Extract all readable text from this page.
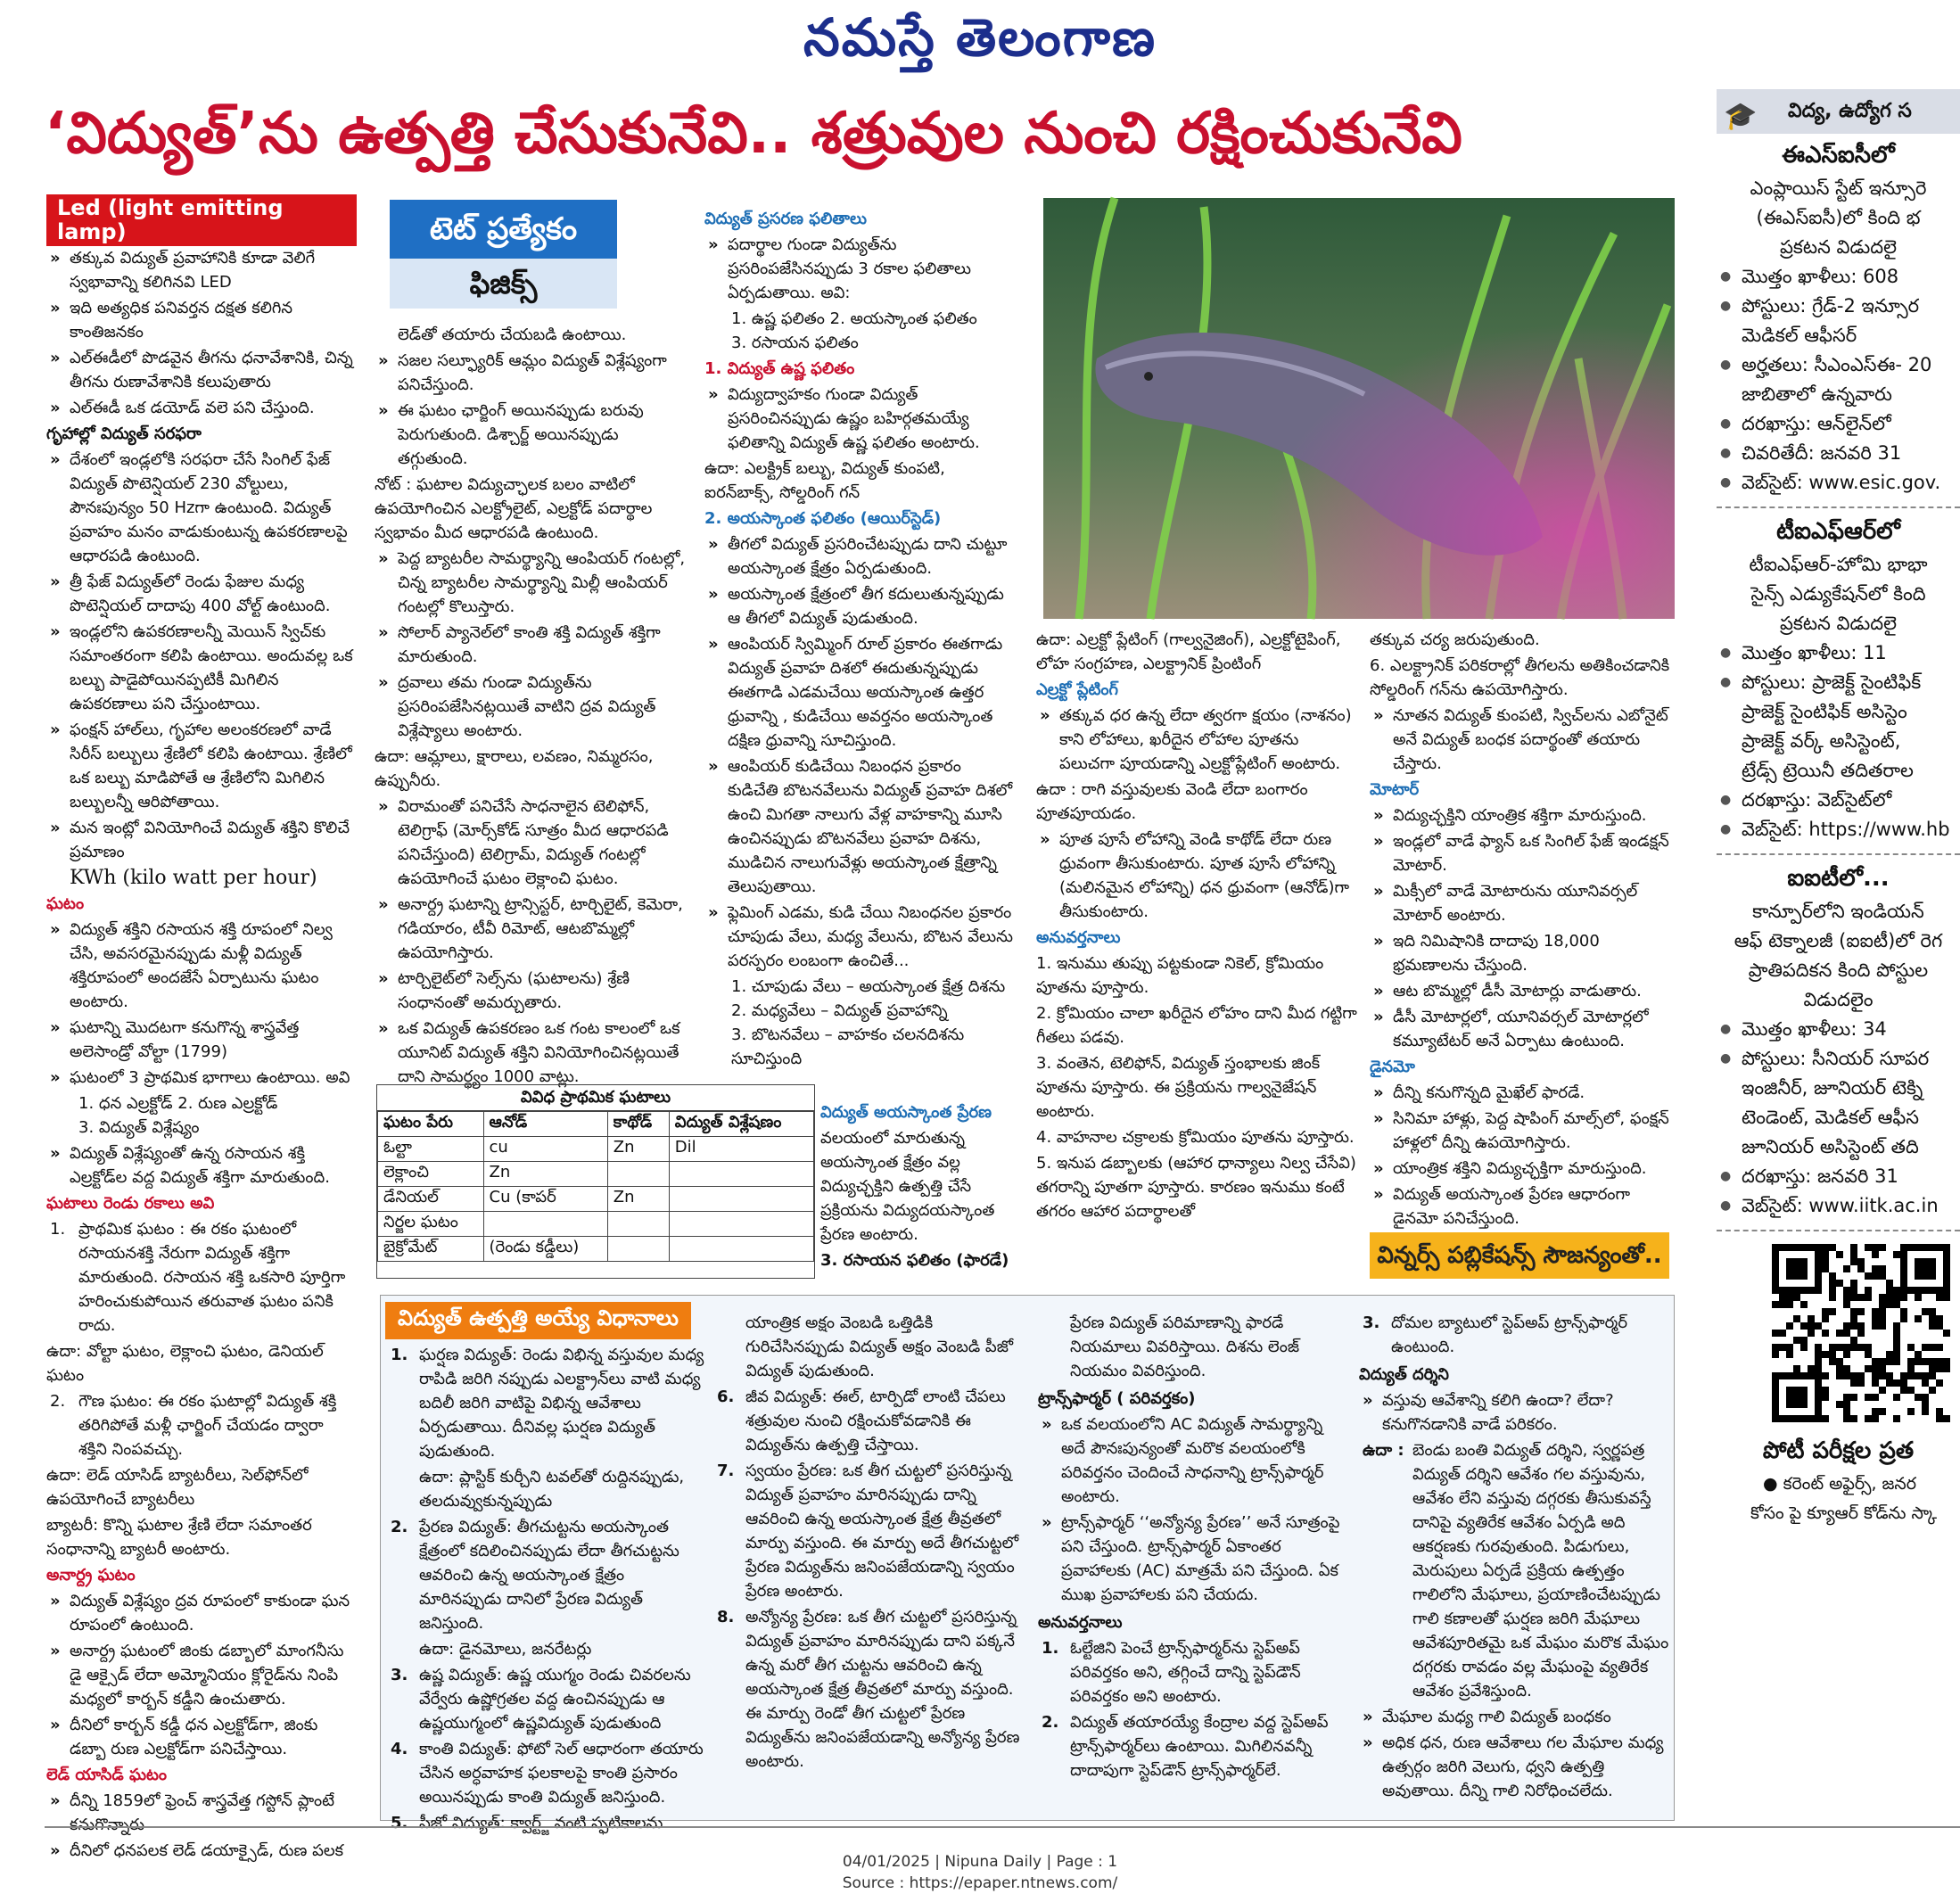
నమస్తే తెలంగాణ
‘విద్యుత్’ను ఉత్పత్తి చేసుకునేవి.. శత్రువుల నుంచి రక్షించుకునేవి
Led (light emitting lamp)

» తక్కువ విద్యుత్ ప్రవాహానికి కూడా వెలిగే స్వభావాన్ని కలిగినవి LED

» ఇది అత్యధిక పనివర్తన దక్షత కలిగిన కాంతిజనకం

» ఎల్ఈడీలో పొడవైన తీగను ధనావేశానికి, చిన్న తీగను రుణావేశానికి కలుపుతారు

» ఎల్ఈడీ ఒక డయోడ్ వలె పని చేస్తుంది.

గృహాల్లో విద్యుత్ సరఫరా

» దేశంలో ఇండ్లలోకి సరఫరా చేసే సింగిల్ ఫేజ్ విద్యుత్ పొటెన్షియల్ 230 వోల్టులు, పౌనఃపున్యం 50 Hzగా ఉంటుంది. విద్యుత్ ప్రవాహం మనం వాడుకుంటున్న ఉపకరణాలపై ఆధారపడి ఉంటుంది.

» త్రీ ఫేజ్ విద్యుత్‌లో రెండు ఫేజుల మధ్య పొటెన్షియల్ దాదాపు 400 వోల్ట్ ఉంటుంది.

» ఇండ్లలోని ఉపకరణాలన్నీ మెయిన్ స్విచ్‌కు సమాంతరంగా కలిపి ఉంటాయి. అందువల్ల ఒక బల్బు పాడైపోయినప్పటికీ మిగిలిన ఉపకరణాలు పని చేస్తుంటాయి.

» ఫంక్షన్ హాల్‌లు, గృహాల అలంకరణలో వాడే సిరీస్ బల్బులు శ్రేణిలో కలిపి ఉంటాయి. శ్రేణిలో ఒక బల్బు మాడిపోతే ఆ శ్రేణిలోని మిగిలిన బల్బులన్నీ ఆరిపోతాయి.

» మన ఇంట్లో వినియోగించే విద్యుత్ శక్తిని కొలిచే ప్రమాణం

KWh (kilo watt per hour)

ఘటం

» విద్యుత్ శక్తిని రసాయన శక్తి రూపంలో నిల్వ చేసి, అవసరమైనప్పుడు మళ్లీ విద్యుత్ శక్తిరూపంలో అందజేసే ఏర్పాటును ఘటం అంటారు.

» ఘటాన్ని మొదటగా కనుగొన్న శాస్త్రవేత్త అలెసాండ్రో వోల్టా (1799)

» ఘటంలో 3 ప్రాథమిక భాగాలు ఉంటాయి. అవి

1. ధన ఎల్రక్టోడ్ 2. రుణ ఎల్రక్టోడ్

3. విద్యుత్ విశ్లేష్యం

» విద్యుత్ విశ్లేష్యంతో ఉన్న రసాయన శక్తి ఎల్రక్టోడ్‌ల వద్ద విద్యుత్ శక్తిగా మారుతుంది.

ఘటాలు రెండు రకాలు అవి

1. ప్రాథమిక ఘటం : ఈ రకం ఘటంలో రసాయనశక్తి నేరుగా విద్యుత్ శక్తిగా మారుతుంది. రసాయన శక్తి ఒకసారి పూర్తిగా హరించుకుపోయిన తరువాత ఘటం పనికి రాదు.

ఉదా: వోల్టా ఘటం, లెక్లాంచి ఘటం, డెనియల్ ఘటం

2. గౌణ ఘటం: ఈ రకం ఘటాల్లో విద్యుత్ శక్తి తరిగిపోతే మళ్లీ ఛార్జింగ్ చేయడం ద్వారా శక్తిని నింపవచ్చు.

ఉదా: లెడ్ యాసిడ్ బ్యాటరీలు, సెల్‌ఫోన్‌లో ఉపయోగించే బ్యాటరీలు

బ్యాటరీ: కొన్ని ఘటాల శ్రేణి లేదా సమాంతర సంధానాన్ని బ్యాటరీ అంటారు.

అనార్ద్ర ఘటం

» విద్యుత్ విశ్లేష్యం ద్రవ రూపంలో కాకుండా ఘన రూపంలో ఉంటుంది.

» అనార్ద్ర ఘటంలో జింకు డబ్బాలో మాంగనీసు డై ఆక్సైడ్ లేదా అమ్మోనియం క్లోరైడ్‌ను నింపి మధ్యలో కార్బన్ కడ్డీని ఉంచుతారు.

» దీనిలో కార్బన్ కడ్డీ ధన ఎల్రక్టోడ్‌గా, జింకు డబ్బా రుణ ఎల్రక్టోడ్‌గా పనిచేస్తాయి.

లెడ్ యాసిడ్ ఘటం

» దీన్ని 1859లో ఫ్రెంచ్ శాస్త్రవేత్త గస్టోన్ ప్లాంటే కనుగొన్నారు

» దీనిలో ధనపలక లెడ్ డయాక్సైడ్, రుణ పలక

టెట్ ప్రత్యేకం
ఫిజిక్స్

లెడ్‌తో తయారు చేయబడి ఉంటాయి.

» సజల సల్ఫ్యూరిక్ ఆమ్లం విద్యుత్ విశ్లేష్యంగా పనిచేస్తుంది.

» ఈ ఘటం ఛార్జింగ్ అయినప్పుడు బరువు పెరుగుతుంది. డిశ్చార్జ్ అయినప్పుడు తగ్గుతుంది.

నోట్ : ఘటాల విద్యుచ్ఛాలక బలం వాటిలో ఉపయోగించిన ఎలక్ట్రోలైట్, ఎల్రక్టోడ్ పదార్థాల స్వభావం మీద ఆధారపడి ఉంటుంది.

» పెద్ద బ్యాటరీల సామర్థ్యాన్ని ఆంపియర్ గంటల్లో, చిన్న బ్యాటరీల సామర్థ్యాన్ని మిల్లీ ఆంపియర్ గంటల్లో కొలుస్తారు.

» సోలార్ ప్యానెల్‌లో కాంతి శక్తి విద్యుత్ శక్తిగా మారుతుంది.

» ద్రవాలు తమ గుండా విద్యుత్‌ను ప్రసరింపజేసినట్లయితే వాటిని ద్రవ విద్యుత్ విశ్లేష్యాలు అంటారు.

ఉదా: ఆమ్లాలు, క్షారాలు, లవణం, నిమ్మరసం, ఉప్పునీరు.

» విరామంతో పనిచేసే సాధనాలైన టెలిఫోన్, టెలిగ్రాఫ్ (మోర్స్‌కోడ్ సూత్రం మీద ఆధారపడి పనిచేస్తుంది) టెలిగ్రామ్, విద్యుత్ గంటల్లో ఉపయోగించే ఘటం లెక్లాంచి ఘటం.

» అనార్ద్ర ఘటాన్ని ట్రాన్సిస్టర్, టార్చిలైట్, కెమెరా, గడియారం, టీవీ రిమోట్, ఆటబొమ్మల్లో ఉపయోగిస్తారు.

» టార్చిలైట్‌లో సెల్స్‌ను (ఘటాలను) శ్రేణి సంధానంతో అమర్చుతారు.

» ఒక విద్యుత్ ఉపకరణం ఒక గంట కాలంలో ఒక యూనిట్ విద్యుత్ శక్తిని వినియోగించినట్లయితే దాని సామర్థ్యం 1000 వాట్లు.

వివిధ ప్రాథమిక ఘటాలు
ఘటం పేరు	ఆనోడ్	కాథోడ్	విద్యుత్ విశ్లేషణం
ఓల్టా	cu	Zn	Dil
లెక్లాంచి	Zn		
డేనియల్	Cu (కాపర్	Zn	
నిర్జల ఘటం			
బైక్రోమేట్	(రెండు కడ్డీలు)		

విద్యుత్ ప్రసరణ ఫలితాలు

» పదార్థాల గుండా విద్యుత్‌ను ప్రసరింపజేసినప్పుడు 3 రకాల ఫలితాలు ఏర్పడుతాయి. అవి:

1. ఉష్ణ ఫలితం 2. అయస్కాంత ఫలితం

3. రసాయన ఫలితం

1. విద్యుత్ ఉష్ణ ఫలితం

» విద్యుద్వాహకం గుండా విద్యుత్ ప్రసరించినప్పుడు ఉష్ణం బహిర్గతమయ్యే ఫలితాన్ని విద్యుత్ ఉష్ణ ఫలితం అంటారు.

ఉదా: ఎలక్ట్రిక్ బల్బు, విద్యుత్ కుంపటి, ఐరన్‌బాక్స్, సోల్డరింగ్ గన్

2. అయస్కాంత ఫలితం (ఆయిర్‌స్టెడ్)

» తీగలో విద్యుత్ ప్రసరించేటప్పుడు దాని చుట్టూ అయస్కాంత క్షేత్రం ఏర్పడుతుంది.

» అయస్కాంత క్షేత్రంలో తీగ కదులుతున్నప్పుడు ఆ తీగలో విద్యుత్ పుడుతుంది.

» ఆంపియర్ స్విమ్మింగ్ రూల్ ప్రకారం ఈతగాడు విద్యుత్ ప్రవాహ దిశలో ఈదుతున్నప్పుడు ఈతగాడి ఎడమచేయి అయస్కాంత ఉత్తర ధ్రువాన్ని , కుడిచేయి అవర్తనం అయస్కాంత దక్షిణ ధ్రువాన్ని సూచిస్తుంది.

» ఆంపియర్ కుడిచేయి నిబంధన ప్రకారం కుడిచేతి బొటనవేలును విద్యుత్ ప్రవాహ దిశలో ఉంచి మిగతా నాలుగు వేళ్ల వాహకాన్ని మూసి ఉంచినప్పుడు బొటనవేలు ప్రవాహ దిశను, ముడిచిన నాలుగువేళ్లు అయస్కాంత క్షేత్రాన్ని తెలుపుతాయి.

» ఫ్లెమింగ్ ఎడమ, కుడి చేయి నిబంధనల ప్రకారం చూపుడు వేలు, మధ్య వేలును, బొటన వేలును పరస్పరం లంబంగా ఉంచితే...

1. చూపుడు వేలు – అయస్కాంత క్షేత్ర దిశను

2. మధ్యవేలు – విద్యుత్ ప్రవాహాన్ని

3. బొటనవేలు – వాహకం చలనదిశను సూచిస్తుంది

విద్యుత్ అయస్కాంత ప్రేరణ

వలయంలో మారుతున్న అయస్కాంత క్షేత్రం వల్ల విద్యుచ్ఛక్తిని ఉత్పత్తి చేసే ప్రక్రియను విద్యుదయస్కాంత ప్రేరణ అంటారు.

3. రసాయన ఫలితం (ఫారడే)

ఉదా: ఎల్రక్టో ప్లేటింగ్ (గాల్వనైజింగ్), ఎల్రక్టోటైపింగ్, లోహ సంగ్రహణ, ఎలక్ట్రానిక్ ప్రింటింగ్

ఎల్రక్టో ప్లేటింగ్

» తక్కువ ధర ఉన్న లేదా త్వరగా క్షయం (నాశనం) కాని లోహాలు, ఖరీదైన లోహాల పూతను పలుచగా పూయడాన్ని ఎల్రక్టోప్లేటింగ్ అంటారు.

ఉదా : రాగి వస్తువులకు వెండి లేదా బంగారం పూతపూయడం.

» పూత పూసే లోహాన్ని వెండి కాథోడ్ లేదా రుణ ధ్రువంగా తీసుకుంటారు. పూత పూసే లోహాన్ని (మలినమైన లోహాన్ని) ధన ధ్రువంగా (ఆనోడ్‌)గా తీసుకుంటారు.

అనువర్తనాలు

1. ఇనుము తుప్పు పట్టకుండా నికెల్, క్రోమియం పూతను పూస్తారు.

2. క్రోమియం చాలా ఖరీదైన లోహం దాని మీద గట్టిగా గీతలు పడవు.

3. వంతెన, టెలిఫోన్, విద్యుత్ స్తంభాలకు జింక్ పూతను పూస్తారు. ఈ ప్రక్రియను గాల్వనైజేషన్ అంటారు.

4. వాహనాల చక్రాలకు క్రోమియం పూతను పూస్తారు.

5. ఇనుప డబ్బాలకు (ఆహార ధాన్యాలు నిల్వ చేసేవి) తగరాన్ని పూతగా పూస్తారు. కారణం ఇనుము కంటే తగరం ఆహార పదార్థాలతో

తక్కువ చర్య జరుపుతుంది.

6. ఎలక్ట్రానిక్ పరికరాల్లో తీగలను అతికించడానికి సోల్డరింగ్ గన్‌ను ఉపయోగిస్తారు.

» నూతన విద్యుత్ కుంపటి, స్విచ్‌లను ఎబోనైట్ అనే విద్యుత్ బంధక పదార్థంతో తయారు చేస్తారు.

మోటార్

» విద్యుచ్ఛక్తిని యాంత్రిక శక్తిగా మారుస్తుంది.

» ఇండ్లలో వాడే ఫ్యాన్ ఒక సింగిల్ ఫేజ్ ఇండక్షన్ మోటార్.

» మిక్సీలో వాడే మోటారును యూనివర్సల్ మోటార్ అంటారు.

» ఇది నిమిషానికి దాదాపు 18,000 భ్రమణాలను చేస్తుంది.

» ఆట బొమ్మల్లో డీసీ మోటార్లు వాడుతారు.

» డీసీ మోటార్లలో, యూనివర్సల్ మోటార్లలో కమ్యూటేటర్ అనే ఏర్పాటు ఉంటుంది.

డైనమో

» దీన్ని కనుగొన్నది మైఖేల్ ఫారడే.

» సినిమా హాళ్లు, పెద్ద షాపింగ్ మాల్స్‌లో, ఫంక్షన్ హాళ్లలో దీన్ని ఉపయోగిస్తారు.

» యాంత్రిక శక్తిని విద్యుచ్ఛక్తిగా మారుస్తుంది.

» విద్యుత్ అయస్కాంత ప్రేరణ ఆధారంగా డైనమో పనిచేస్తుంది.

విన్నర్స్ పబ్లికేషన్స్ సౌజన్యంతో..
విద్యుత్ ఉత్పత్తి అయ్యే విధానాలు

1. ఘర్షణ విద్యుత్: రెండు విభిన్న వస్తువుల మధ్య రాపిడి జరిగి నప్పుడు ఎలక్ట్రాన్‌లు వాటి మధ్య బదిలీ జరిగి వాటిపై విభిన్న ఆవేశాలు ఏర్పడుతాయి. దీనివల్ల ఘర్షణ విద్యుత్ పుడుతుంది.

ఉదా: ప్లాస్టిక్ కుర్చీని టవల్‌తో రుద్దినప్పుడు, తలదువ్వుకున్నప్పుడు

2. ప్రేరణ విద్యుత్: తీగచుట్టను అయస్కాంత క్షేత్రంలో కదిలించినప్పుడు లేదా తీగచుట్టను ఆవరించి ఉన్న అయస్కాంత క్షేత్రం మారినప్పుడు దానిలో ప్రేరణ విద్యుత్ జనిస్తుంది.

ఉదా: డైనమోలు, జనరేటర్లు

3. ఉష్ణ విద్యుత్: ఉష్ణ యుగ్మం రెండు చివరలను వేర్వేరు ఉష్ణోగ్రతల వద్ద ఉంచినప్పుడు ఆ ఉష్ణయుగ్మంలో ఉష్ణవిద్యుత్ పుడుతుంది

4. కాంతి విద్యుత్: ఫోటో సెల్ ఆధారంగా తయారు చేసిన అర్ధవాహక ఫలకాలపై కాంతి ప్రసారం అయినప్పుడు కాంతి విద్యుత్ జనిస్తుంది.

5. పీజో విద్యుత్: క్వార్ట్జ్ వంటి స్ఫటికాలను

యాంత్రిక అక్షం వెంబడి ఒత్తిడికి గురిచేసినప్పుడు విద్యుత్ అక్షం వెంబడి పీజో విద్యుత్ పుడుతుంది.

6. జీవ విద్యుత్: ఈల్, టార్పిడో లాంటి చేపలు శత్రువుల నుంచి రక్షించుకోవడానికి ఈ విద్యుత్‌ను ఉత్పత్తి చేస్తాయి.

7. స్వయం ప్రేరణ: ఒక తీగ చుట్టలో ప్రసరిస్తున్న విద్యుత్ ప్రవాహం మారినప్పుడు దాన్ని ఆవరించి ఉన్న అయస్కాంత క్షేత్ర తీవ్రతలో మార్పు వస్తుంది. ఈ మార్పు అదే తీగచుట్టలో ప్రేరణ విద్యుత్‌ను జనింపజేయడాన్ని స్వయం ప్రేరణ అంటారు.

8. అన్యోన్య ప్రేరణ: ఒక తీగ చుట్టలో ప్రసరిస్తున్న విద్యుత్ ప్రవాహం మారినప్పుడు దాని పక్కనే ఉన్న మరో తీగ చుట్టను ఆవరించి ఉన్న అయస్కాంత క్షేత్ర తీవ్రతలో మార్పు వస్తుంది. ఈ మార్పు రెండో తీగ చుట్టలో ప్రేరణ విద్యుత్‌ను జనింపజేయడాన్ని అన్యోన్య ప్రేరణ అంటారు.

ప్రేరణ విద్యుత్ పరిమాణాన్ని ఫారడే నియమాలు వివరిస్తాయి. దిశను లెంజ్ నియమం వివరిస్తుంది.

ట్రాన్స్‌ఫార్మర్ ( పరివర్తకం)

» ఒక వలయంలోని AC విద్యుత్ సామర్థ్యాన్ని అదే పౌనఃపున్యంతో మరొక వలయంలోకి పరివర్తనం చెందించే సాధనాన్ని ట్రాన్స్‌ఫార్మర్ అంటారు.

» ట్రాన్స్‌ఫార్మర్ ‘‘అన్యోన్య ప్రేరణ’’ అనే సూత్రంపై పని చేస్తుంది. ట్రాన్స్‌ఫార్మర్ ఏకాంతర ప్రవాహాలకు (AC) మాత్రమే పని చేస్తుంది. ఏక ముఖ ప్రవాహాలకు పని చేయదు.

అనువర్తనాలు

1. ఓల్టేజిని పెంచే ట్రాన్స్‌ఫార్మర్‌ను స్టెప్‌అప్ పరివర్తకం అని, తగ్గించే దాన్ని స్టెప్‌డౌన్ పరివర్తకం అని అంటారు.

2. విద్యుత్ తయారయ్యే కేంద్రాల వద్ద స్టెప్‌అప్ ట్రాన్స్‌ఫార్మర్‌లు ఉంటాయి. మిగిలినవన్నీ దాదాపుగా స్టెప్‌డౌన్ ట్రాన్స్‌ఫార్మర్‌లే.

3. దోమల బ్యాటులో స్టెప్‌అప్ ట్రాన్స్‌ఫార్మర్ ఉంటుంది.

విద్యుత్ దర్శిని

» వస్తువు ఆవేశాన్ని కలిగి ఉందా? లేదా? కనుగొనడానికి వాడే పరికరం.

ఉదా : బెండు బంతి విద్యుత్ దర్శిని, స్వర్ణపత్ర విద్యుత్ దర్శిని ఆవేశం గల వస్తువును, ఆవేశం లేని వస్తువు దగ్గరకు తీసుకువస్తే దానిపై వ్యతిరేక ఆవేశం ఏర్పడి అది ఆకర్షణకు గురవుతుంది. పిడుగులు, మెరుపులు ఏర్పడే ప్రక్రియ ఉత్పత్తం గాలిలోని మేఘాలు, ప్రయాణించేటప్పుడు గాలి కణాలతో ఘర్షణ జరిగి మేఘాలు ఆవేశపూరితమై ఒక మేఘం మరొక మేఘం దగ్గరకు రావడం వల్ల మేఘంపై వ్యతిరేక ఆవేశం ప్రవేశిస్తుంది.

» మేఘాల మధ్య గాలి విద్యుత్ బంధకం

» అధిక ధన, రుణ ఆవేశాలు గల మేఘాల మధ్య ఉత్సర్గం జరిగి వెలుగు, ధ్వని ఉత్పత్తి అవుతాయి. దీన్ని గాలి నిరోధించలేదు.

🎓 విద్య, ఉద్యోగ స

ఈఎస్ఐసీలో

ఎంప్లాయిస్ స్టేట్ ఇన్సూరె

(ఈఎస్ఐసీ)లో కింది భ

ప్రకటన విడుదలై

● మొత్తం ఖాళీలు: 608

● పోస్టులు: గ్రేడ్-2 ఇన్సూర

మెడికల్ ఆఫీసర్

● అర్హతలు: సీఎంఎస్ఈ- 20

జాబితాలో ఉన్నవారు

● దరఖాస్తు: ఆన్‌లైన్‌లో

● చివరితేదీ: జనవరి 31

● వెబ్‌సైట్: www.esic.gov.

టీఐఎఫ్ఆర్‌లో

టీఐఎఫ్ఆర్-హోమి భాభా

సైన్స్ ఎడ్యుకేషన్‌లో కింది

ప్రకటన విడుదలై

● మొత్తం ఖాళీలు: 11

● పోస్టులు: ప్రాజెక్ట్ సైంటిఫిక్

ప్రాజెక్ట్ సైంటిఫిక్ అసిస్టెం

ప్రాజెక్ట్ వర్క్ అసిస్టెంట్,

ట్రేడ్స్ ట్రెయినీ తదితరాల

● దరఖాస్తు: వెబ్‌సైట్‌లో

● వెబ్‌సైట్: https://www.hb

ఐఐటీలో...

కాన్పూర్‌లోని ఇండియన్

ఆఫ్ టెక్నాలజీ (ఐఐటీ)లో రెగ

ప్రాతిపదికన కింది పోస్టుల

విడుదలైం

● మొత్తం ఖాళీలు: 34

● పోస్టులు: సీనియర్ సూపర

ఇంజినీర్, జూనియర్ టెక్ని

టెండెంట్, మెడికల్ ఆఫీస

జూనియర్ అసిస్టెంట్ తది

● దరఖాస్తు: జనవరి 31

● వెబ్‌సైట్: www.iitk.ac.in

పోటీ పరీక్షల ప్రత

● కరెంట్ అఫైర్స్, జనర

కోసం పై క్యూఆర్ కోడ్‌ను స్కా

04/01/2025 | Nipuna Daily | Page : 1
Source : https://epaper.ntnews.com/
